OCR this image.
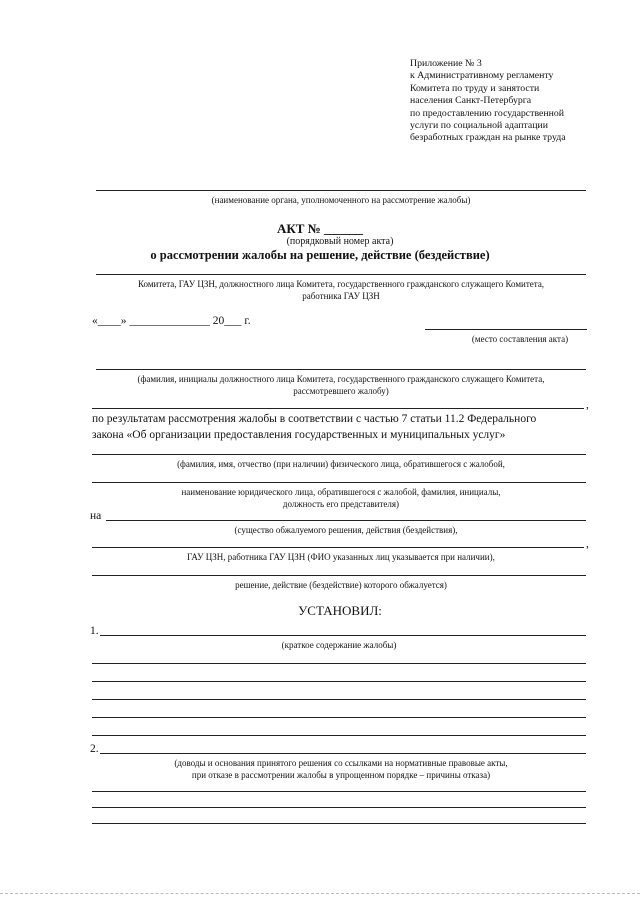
Приложение № 3
к Административному регламенту
Комитета по труду и занятости
населения Санкт-Петербурга
по предоставлению государственной
услуги по социальной адаптации
безработных граждан на рынке труда
(наименование органа, уполномоченного на рассмотрение жалобы)
АКТ № ______
(порядковый номер акта)
о рассмотрении жалобы на решение, действие (бездействие)
Комитета, ГАУ ЦЗН, должностного лица Комитета, государственного гражданского служащего Комитета,
работника ГАУ ЦЗН
«____» ______________ 20___ г.
(место составления акта)
(фамилия, инициалы должностного лица Комитета, государственного гражданского служащего Комитета,
рассмотревшего жалобу)
,
по результатам рассмотрения жалобы в соответствии с частью 7 статьи 11.2 Федерального
закона «Об организации предоставления государственных и муниципальных услуг»
(фамилия, имя, отчество (при наличии) физического лица, обратившегося с жалобой,
наименование юридического лица, обратившегося с жалобой, фамилия, инициалы,
должность его представителя)
на
(существо обжалуемого решения, действия (бездействия),
,
ГАУ ЦЗН, работника ГАУ ЦЗН (ФИО указанных лиц указывается при наличии),
решение, действие (бездействие) которого обжалуется)
УСТАНОВИЛ:
1.
(краткое содержание жалобы)
2.
(доводы и основания принятого решения со ссылками на нормативные правовые акты,
при отказе в рассмотрении жалобы в упрощенном порядке – причины отказа)
